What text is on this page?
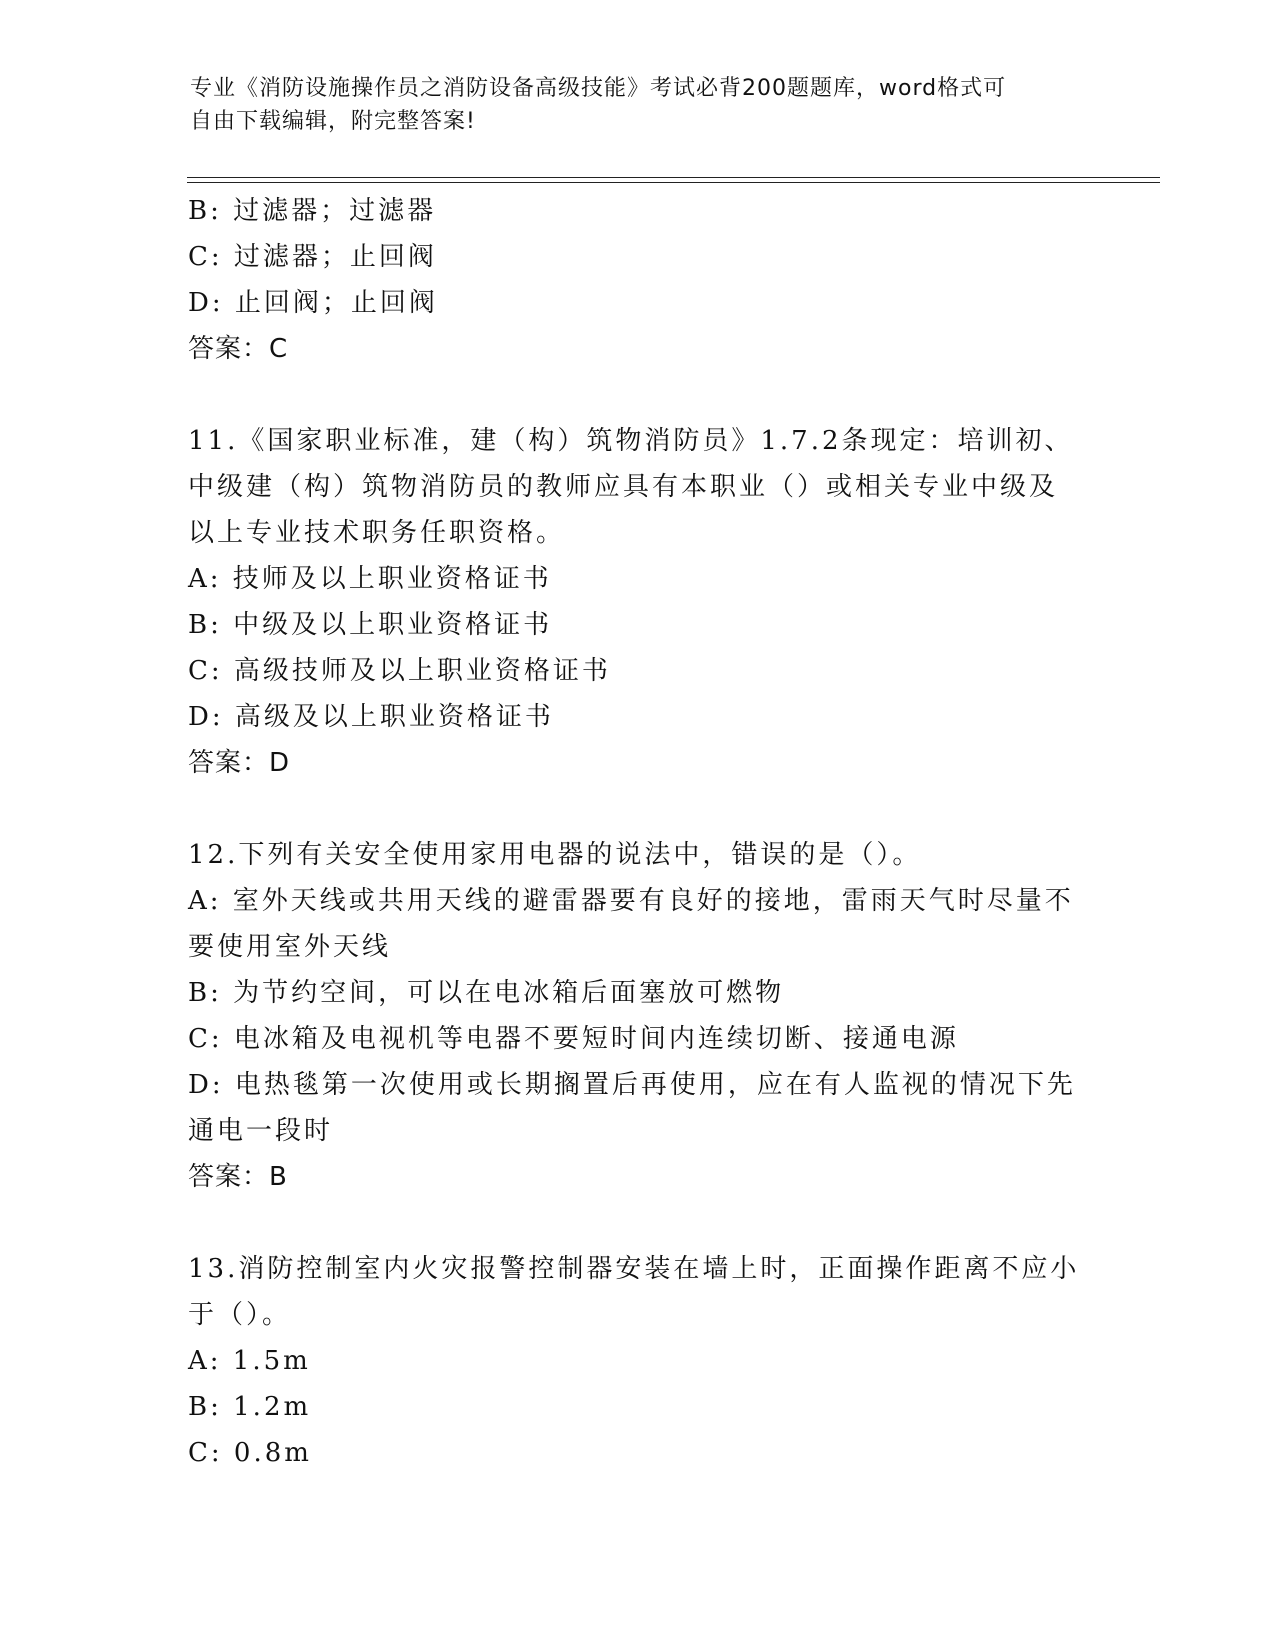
专业《消防设施操作员之消防设备高级技能》考试必背200题题库，word格式可
自由下载编辑，附完整答案!
B: 过滤器；过滤器
C: 过滤器；止回阀
D: 止回阀；止回阀
答案：C
11.《国家职业标准，建（构）筑物消防员》1.7.2条现定：培训初、
中级建（构）筑物消防员的教师应具有本职业（）或相关专业中级及
以上专业技术职务任职资格。
A: 技师及以上职业资格证书
B: 中级及以上职业资格证书
C: 高级技师及以上职业资格证书
D: 高级及以上职业资格证书
答案：D
12.下列有关安全使用家用电器的说法中，错误的是（）。
A: 室外天线或共用天线的避雷器要有良好的接地，雷雨天气时尽量不
要使用室外天线
B: 为节约空间，可以在电冰箱后面塞放可燃物
C: 电冰箱及电视机等电器不要短时间内连续切断、接通电源
D: 电热毯第一次使用或长期搁置后再使用，应在有人监视的情况下先
通电一段时
答案：B
13.消防控制室内火灾报警控制器安装在墙上时，正面操作距离不应小
于（）。
A: 1.5m
B: 1.2m
C: 0.8m
